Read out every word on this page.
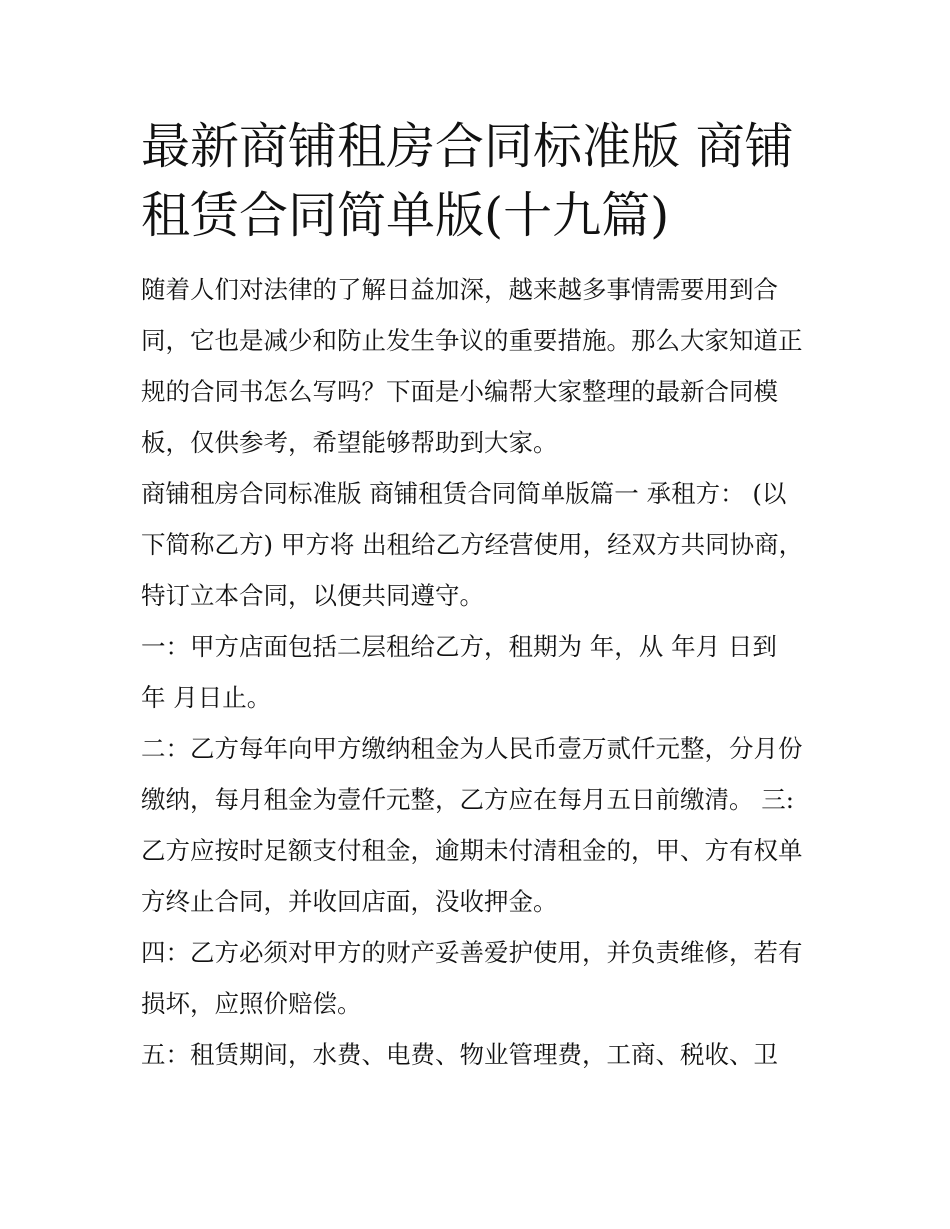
最新商铺租房合同标准版 商铺
租赁合同简单版(十九篇)

随着人们对法律的了解日益加深，越来越多事情需要用到合
同，它也是减少和防止发生争议的重要措施。那么大家知道正
规的合同书怎么写吗？下面是小编帮大家整理的最新合同模
板，仅供参考，希望能够帮助到大家。

商铺租房合同标准版 商铺租赁合同简单版篇一 承租方： (以
下简称乙方) 甲方将 出租给乙方经营使用，经双方共同协商，
特订立本合同，以便共同遵守。

一：甲方店面包括二层租给乙方，租期为 年，从 年月 日到
年 月日止。

二：乙方每年向甲方缴纳租金为人民币壹万贰仟元整，分月份
缴纳，每月租金为壹仟元整，乙方应在每月五日前缴清。 三:
乙方应按时足额支付租金，逾期未付清租金的，甲、方有权单
方终止合同，并收回店面，没收押金。

四：乙方必须对甲方的财产妥善爱护使用，并负责维修，若有
损坏，应照价赔偿。

五：租赁期间，水费、电费、物业管理费，工商、税收、卫
